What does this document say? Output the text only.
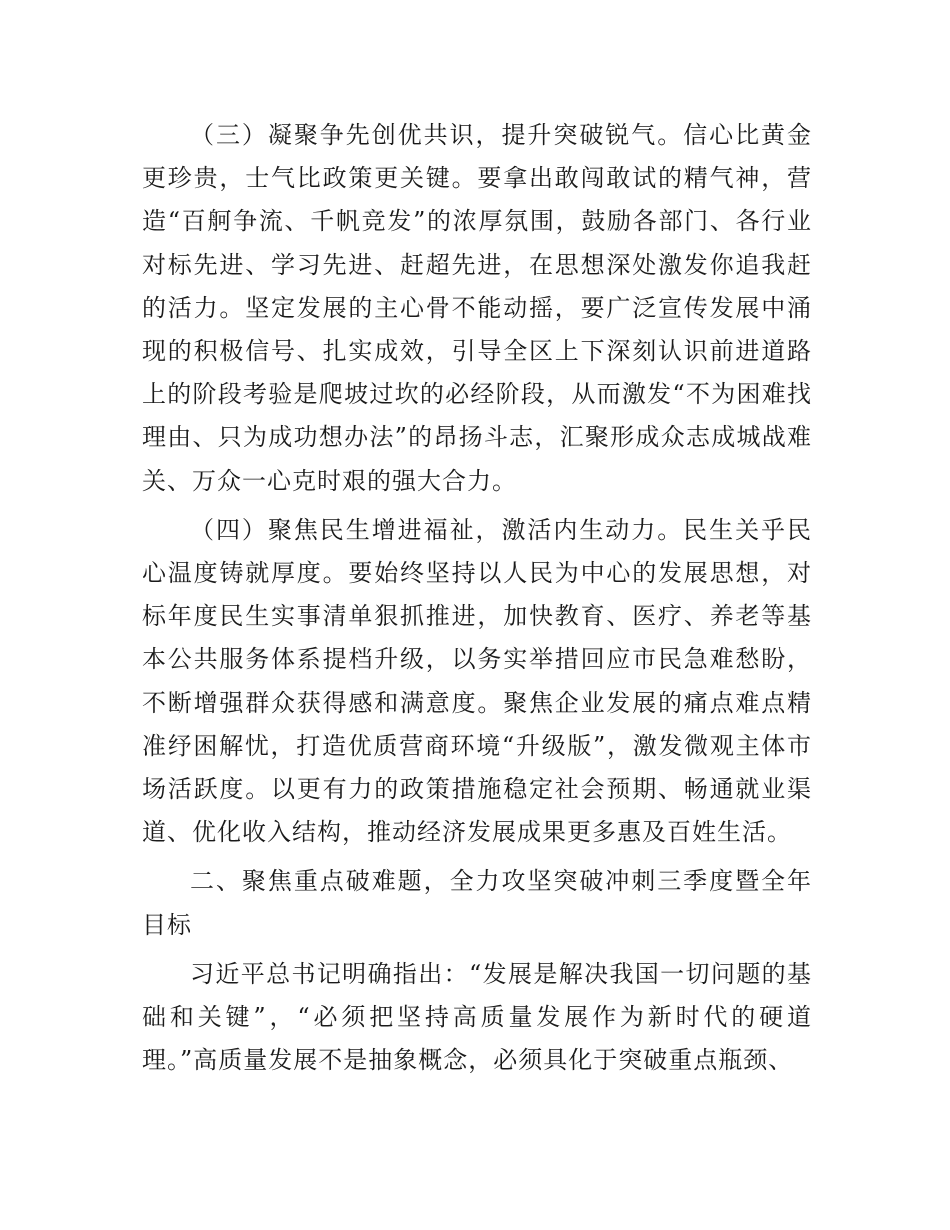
（三）凝聚争先创优共识，提升突破锐气。信心比黄金更珍贵，士气比政策更关键。要拿出敢闯敢试的精气神，营造“百舸争流、千帆竞发”的浓厚氛围，鼓励各部门、各行业对标先进、学习先进、赶超先进，在思想深处激发你追我赶的活力。坚定发展的主心骨不能动摇，要广泛宣传发展中涌现的积极信号、扎实成效，引导全区上下深刻认识前进道路上的阶段考验是爬坡过坎的必经阶段，从而激发“不为困难找理由、只为成功想办法”的昂扬斗志，汇聚形成众志成城战难关、万众一心克时艰的强大合力。

（四）聚焦民生增进福祉，激活内生动力。民生关乎民心温度铸就厚度。要始终坚持以人民为中心的发展思想，对标年度民生实事清单狠抓推进，加快教育、医疗、养老等基本公共服务体系提档升级，以务实举措回应市民急难愁盼，不断增强群众获得感和满意度。聚焦企业发展的痛点难点精准纾困解忧，打造优质营商环境“升级版”，激发微观主体市场活跃度。以更有力的政策措施稳定社会预期、畅通就业渠道、优化收入结构，推动经济发展成果更多惠及百姓生活。

二、聚焦重点破难题，全力攻坚突破冲刺三季度暨全年目标

习近平总书记明确指出：“发展是解决我国一切问题的基础和关键”，“必须把坚持高质量发展作为新时代的硬道理。”高质量发展不是抽象概念，必须具化于突破重点瓶颈、
